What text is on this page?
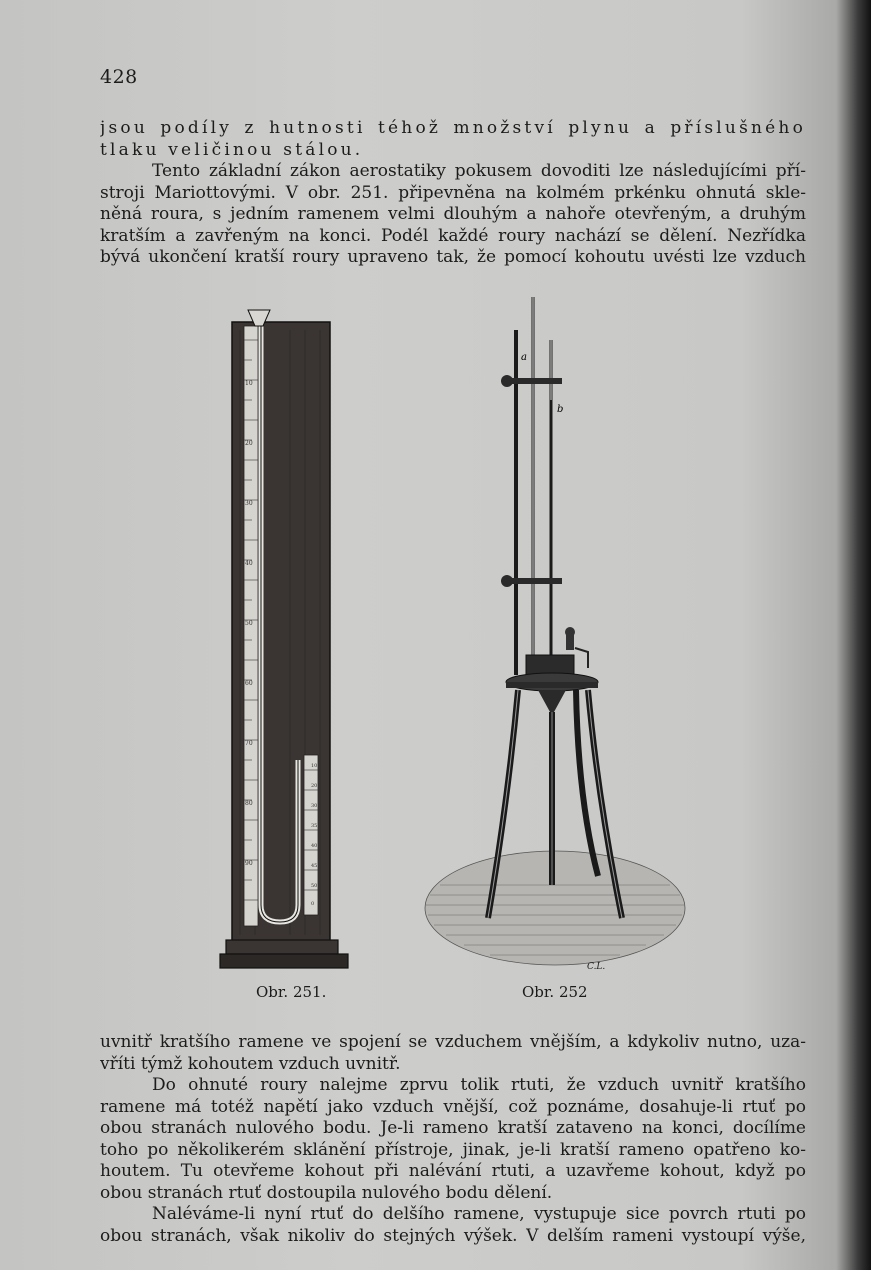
428
jsou podíly z hutnosti téhož množství plynu a příslušného
tlaku veličinou stálou.
Tento základní zákon aerostatiky pokusem dovoditi lze následujícími pří-
stroji Mariottovými. V obr. 251. připevněna na kolmém prkénku ohnutá skle-
něná roura, s jedním ramenem velmi dlouhým a nahoře otevřeným, a druhým
kratším a zavřeným na konci. Podél každé roury nachází se dělení. Nezřídka
bývá ukončení kratší roury upraveno tak, že pomocí kohoutu uvésti lze vzduch
10
20
30
40
50
60
70
80
90
10
20
30
35
40
45
50
0
a
b
C.L.
Obr. 251.	Obr. 252
uvnitř kratšího ramene ve spojení se vzduchem vnějším, a kdykoliv nutno, uza-
vříti týmž kohoutem vzduch uvnitř.
Do ohnuté roury nalejme zprvu tolik rtuti, že vzduch uvnitř kratšího
ramene má totéž napětí jako vzduch vnější, což poznáme, dosahuje-li rtuť po
obou stranách nulového bodu. Je-li rameno kratší zataveno na konci, docílíme
toho po několikerém sklánění přístroje, jinak, je-li kratší rameno opatřeno ko-
houtem. Tu otevřeme kohout při nalévání rtuti, a uzavřeme kohout, když po
obou stranách rtuť dostoupila nulového bodu dělení.
Naléváme-li nyní rtuť do delšího ramene, vystupuje sice povrch rtuti po
obou stranách, však nikoliv do stejných výšek. V delším rameni vystoupí výše,
